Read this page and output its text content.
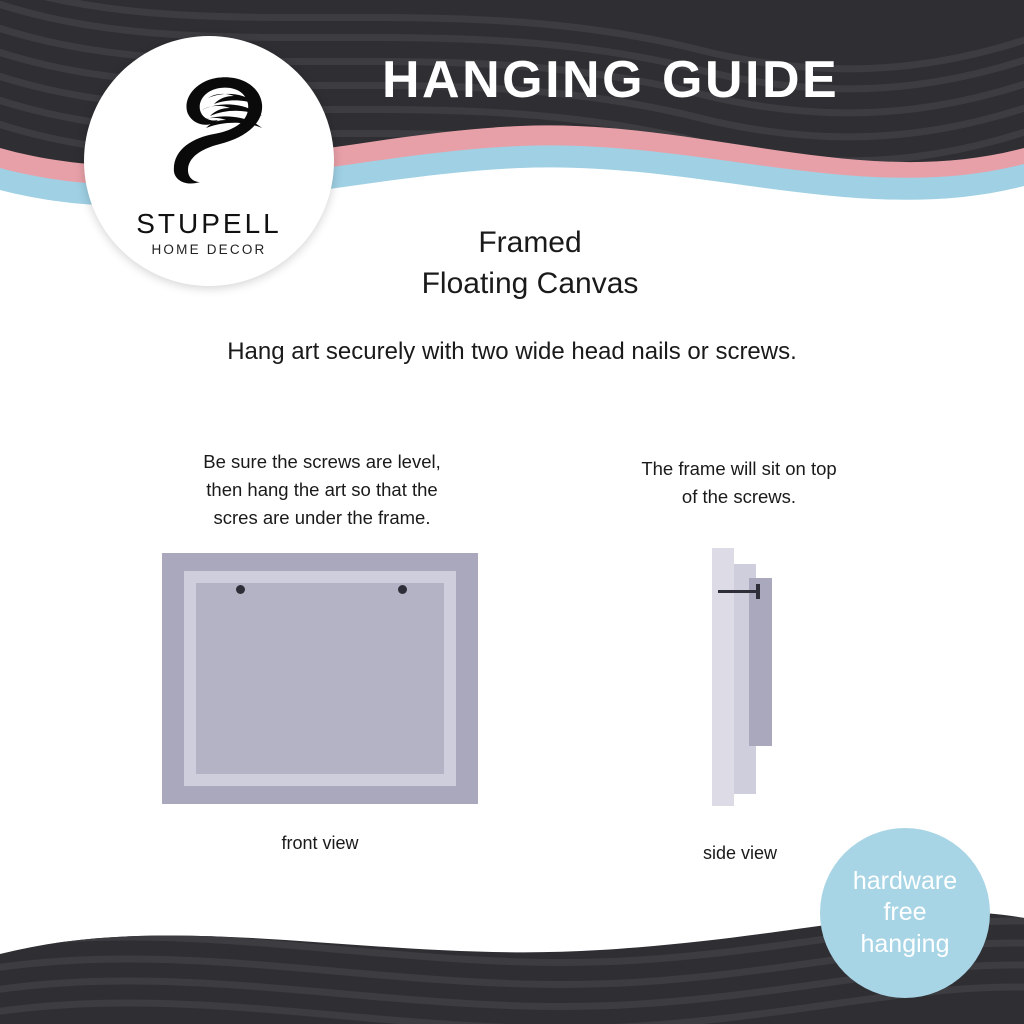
STUPELL
HOME DECOR
HANGING GUIDE
Framed
Floating Canvas
Hang art securely with two wide head nails or screws.
Be sure the screws are level,
then hang the art so that the
scres are under the frame.
The frame will sit on top
of the screws.
front view	side view
hardware
free
hanging
